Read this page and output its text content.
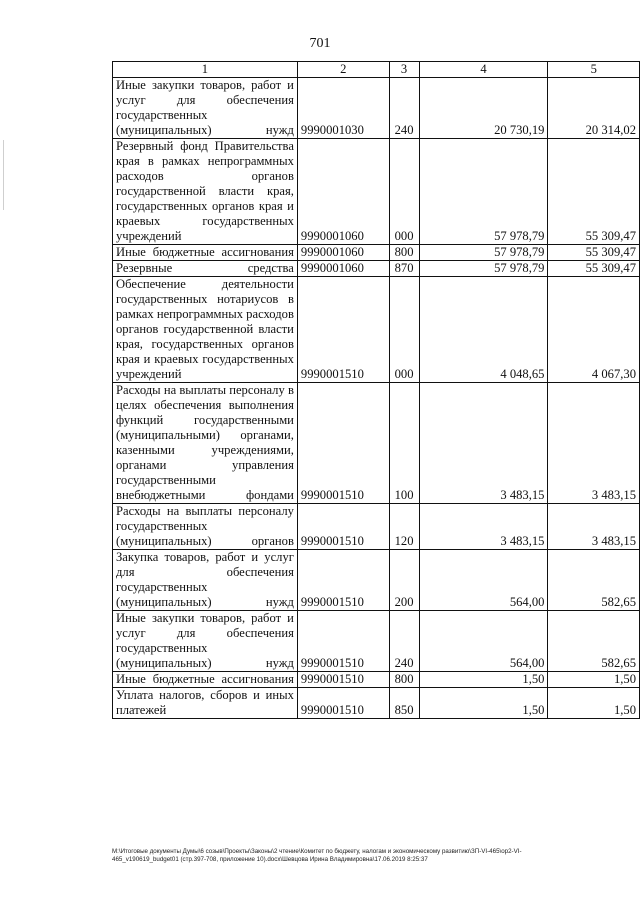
701
1	2	3	4	5
Иные закупки товаров, работ и услуг для обеспечения государственных (муниципальных) нужд	9990001030	240	20 730,19	20 314,02
Резервный фонд Правительства края в рамках непрограммных расходов органов государственной власти края, государственных органов края и краевых государственных учреждений	9990001060	000	57 978,79	55 309,47
Иные бюджетные ассигнования	9990001060	800	57 978,79	55 309,47
Резервные средства	9990001060	870	57 978,79	55 309,47
Обеспечение деятельности государственных нотариусов в рамках непрограммных расходов органов государственной власти края, государственных органов края и краевых государственных учреждений	9990001510	000	4 048,65	4 067,30
Расходы на выплаты персоналу в целях обеспечения выполнения функций государственными (муниципальными) органами, казенными учреждениями, органами управления государственными внебюджетными фондами	9990001510	100	3 483,15	3 483,15
Расходы на выплаты персоналу государственных (муниципальных) органов	9990001510	120	3 483,15	3 483,15
Закупка товаров, работ и услуг для обеспечения государственных (муниципальных) нужд	9990001510	200	564,00	582,65
Иные закупки товаров, работ и услуг для обеспечения государственных (муниципальных) нужд	9990001510	240	564,00	582,65
Иные бюджетные ассигнования	9990001510	800	1,50	1,50
Уплата налогов, сборов и иных платежей	9990001510	850	1,50	1,50
M:\Итоговые документы Думы\6 созыв\Проекты\Законы\2 чтение\Комитет по бюджету, налогам и экономическому развитию\ЗП-VI-465\ор2-VI-465_v190619_budget01 (стр.397-708, приложение 10).docx\Шевцова Ирина Владимировна\17.06.2019 8:25:37
